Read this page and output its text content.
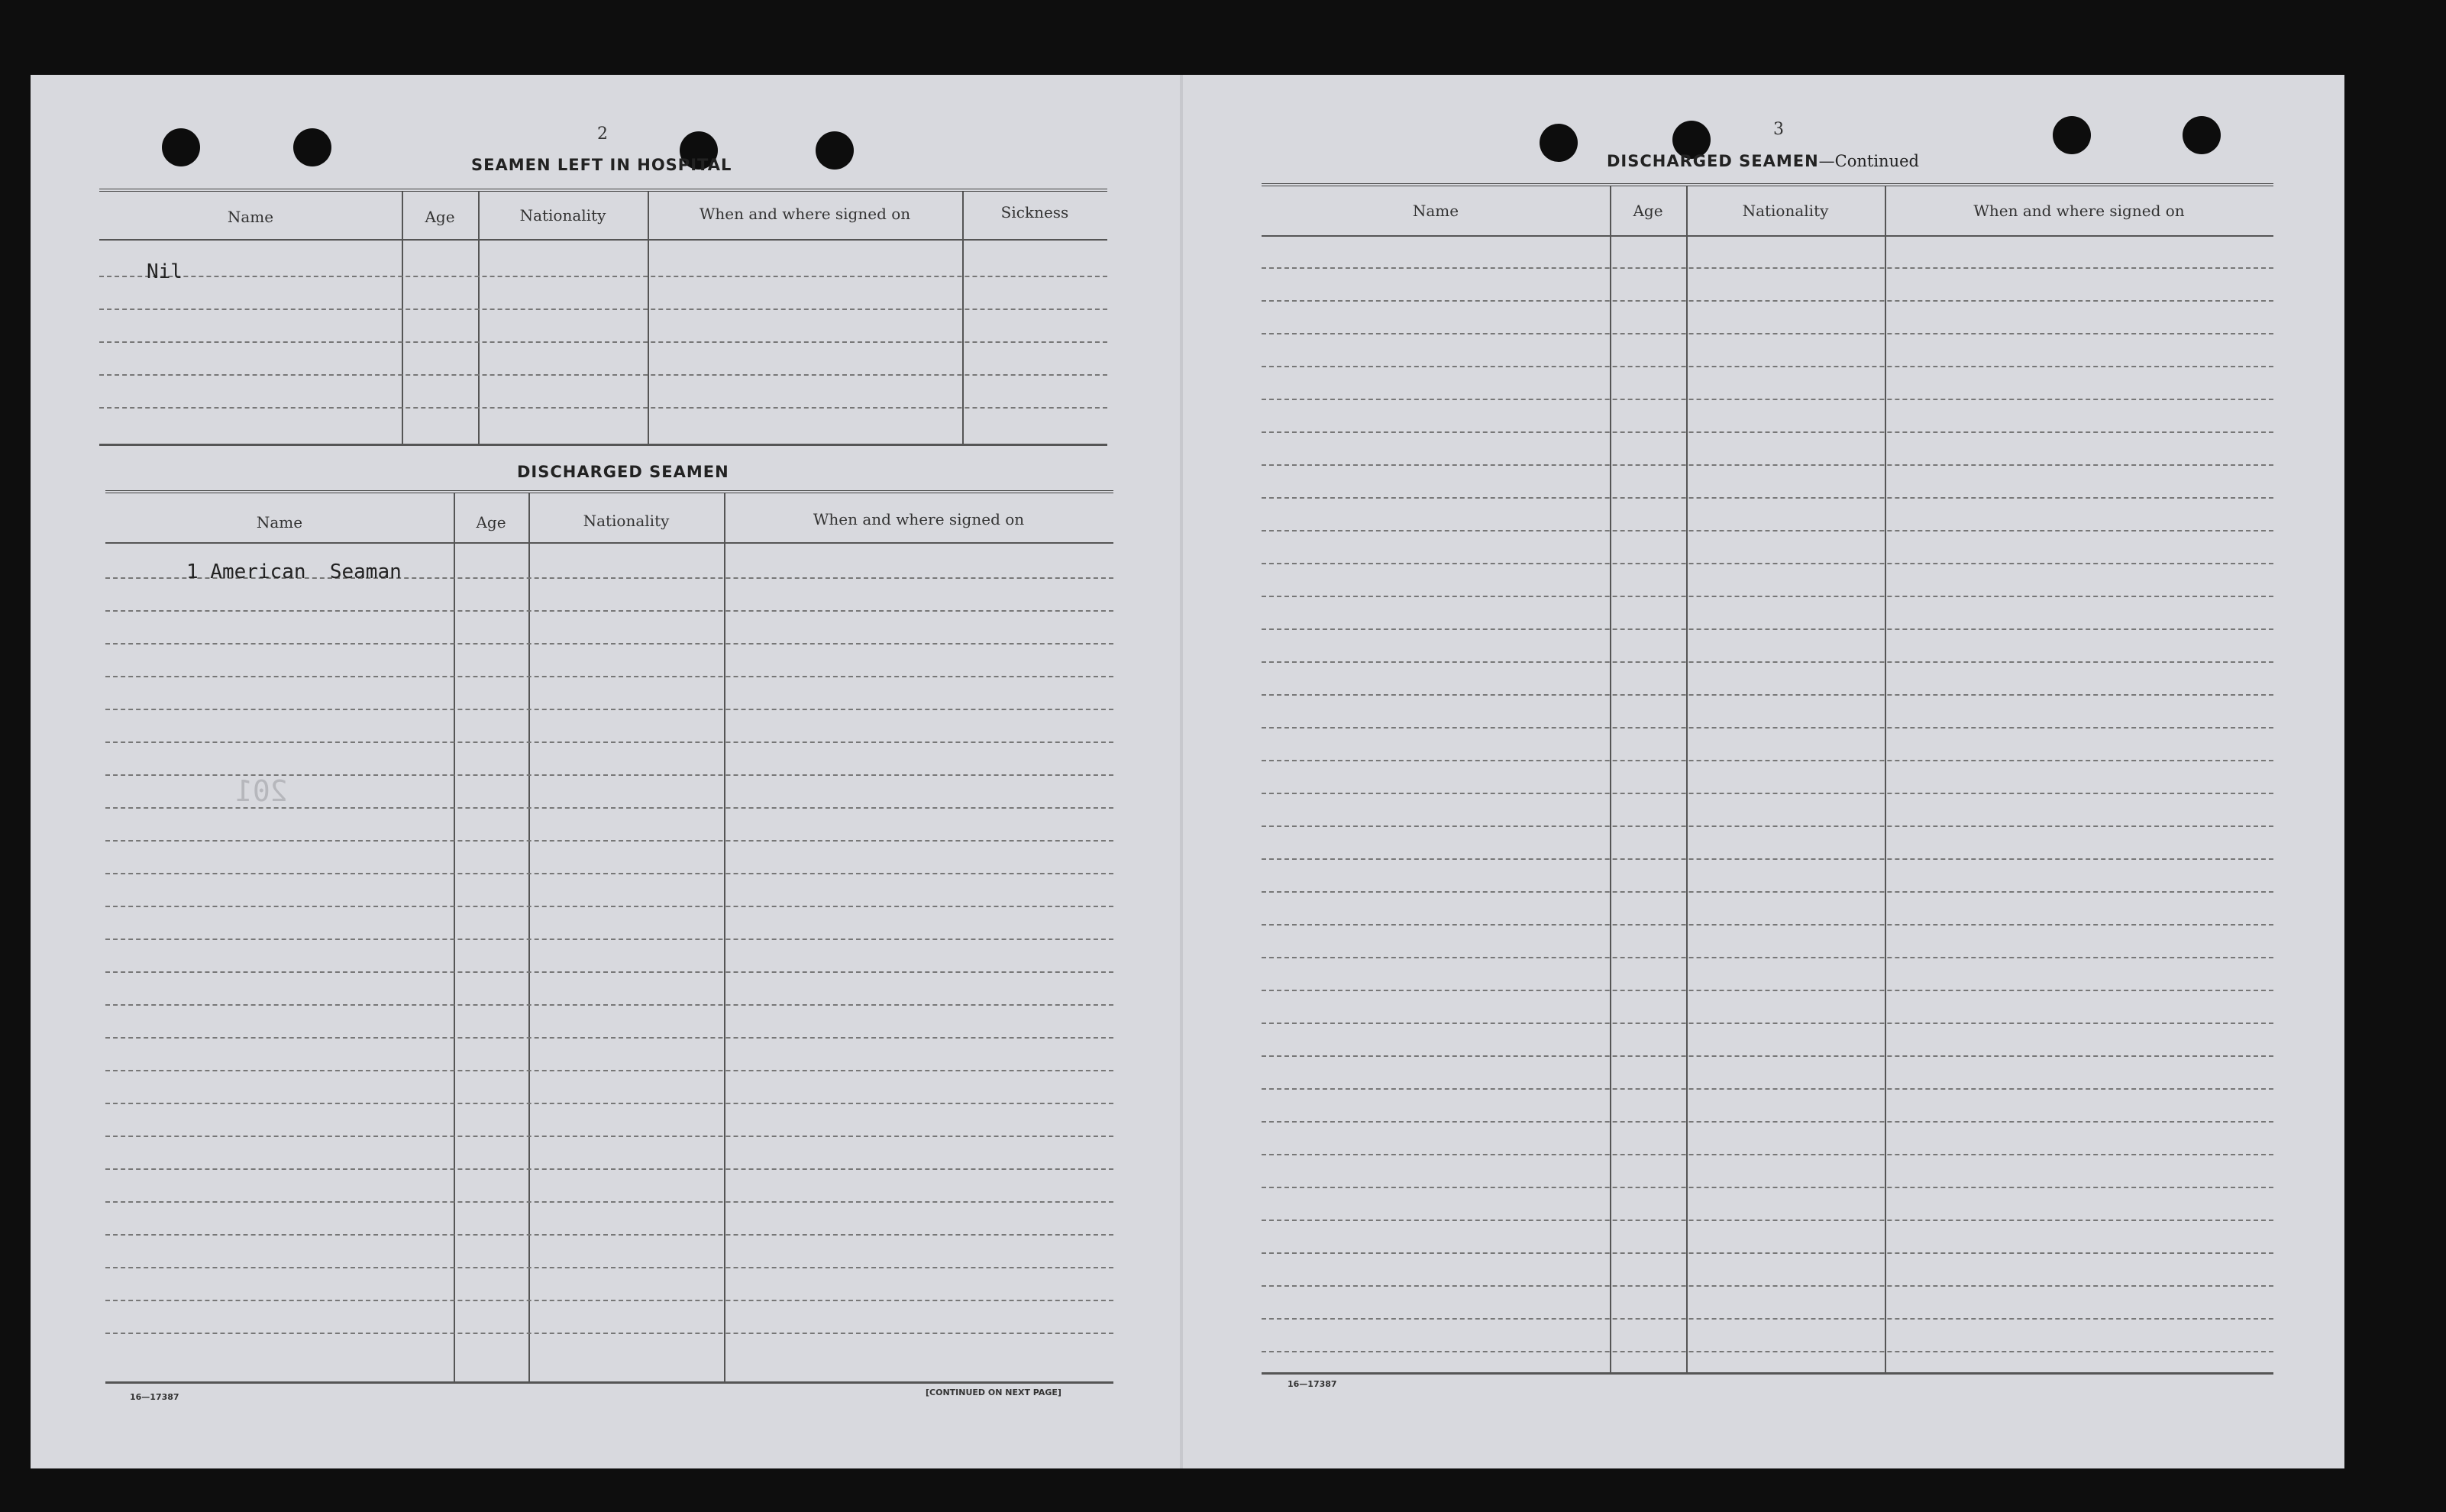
2
SEAMEN LEFT IN HOSPITAL
Name	Age	Nationality	When and where signed on	Sickness
Nil
DISCHARGED SEAMEN
Name	Age	Nationality	When and where signed on
1 American  Seaman
201
16—17387	[CONTINUED ON NEXT PAGE]
3
DISCHARGED SEAMEN—Continued
Name	Age	Nationality	When and where signed on
16—17387
